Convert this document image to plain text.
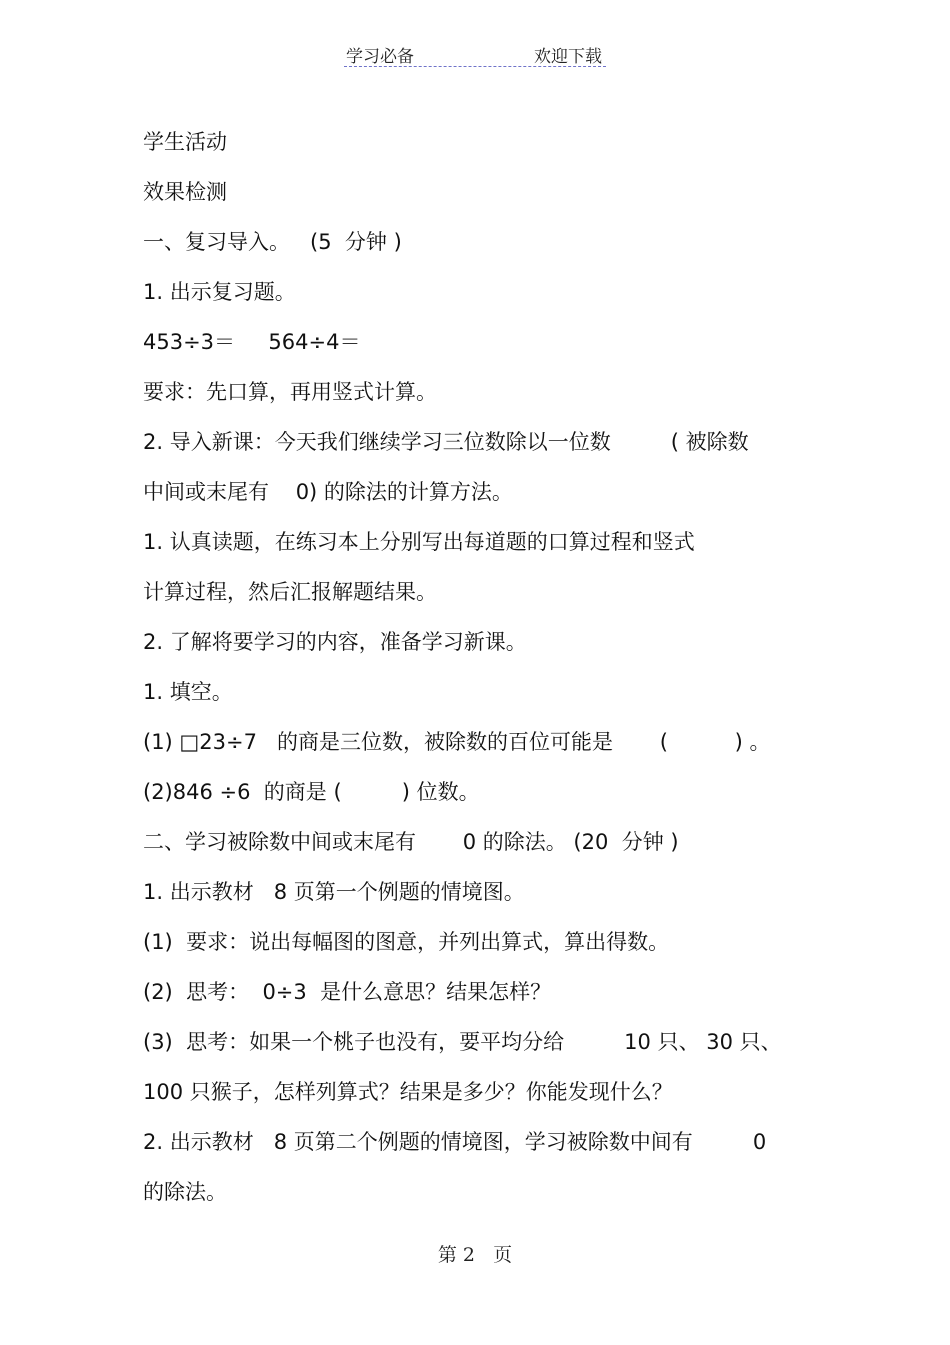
学习必备	欢迎下载
学生活动
效果检测
一、复习导入。   (5  分钟 )
1. 出示复习题。
453÷3＝     564÷4＝
要求：先口算，再用竖式计算。
2. 导入新课：今天我们继续学习三位数除以一位数         ( 被除数
中间或末尾有    0) 的除法的计算方法。
1. 认真读题，在练习本上分别写出每道题的口算过程和竖式
计算过程，然后汇报解题结果。
2. 了解将要学习的内容，准备学习新课。
1. 填空。
(1) □23÷7   的商是三位数，被除数的百位可能是       (          ) 。
(2)846 ÷6  的商是 (         ) 位数。
二、学习被除数中间或末尾有       0 的除法。 (20  分钟 )
1. 出示教材   8 页第一个例题的情境图。
(1)  要求：说出每幅图的图意，并列出算式，算出得数。
(2)  思考：  0÷3  是什么意思？结果怎样？
(3)  思考：如果一个桃子也没有，要平均分给         10 只、 30 只、
100 只猴子，怎样列算式？结果是多少？你能发现什么？
2. 出示教材   8 页第二个例题的情境图，学习被除数中间有         0
的除法。
第 2   页
